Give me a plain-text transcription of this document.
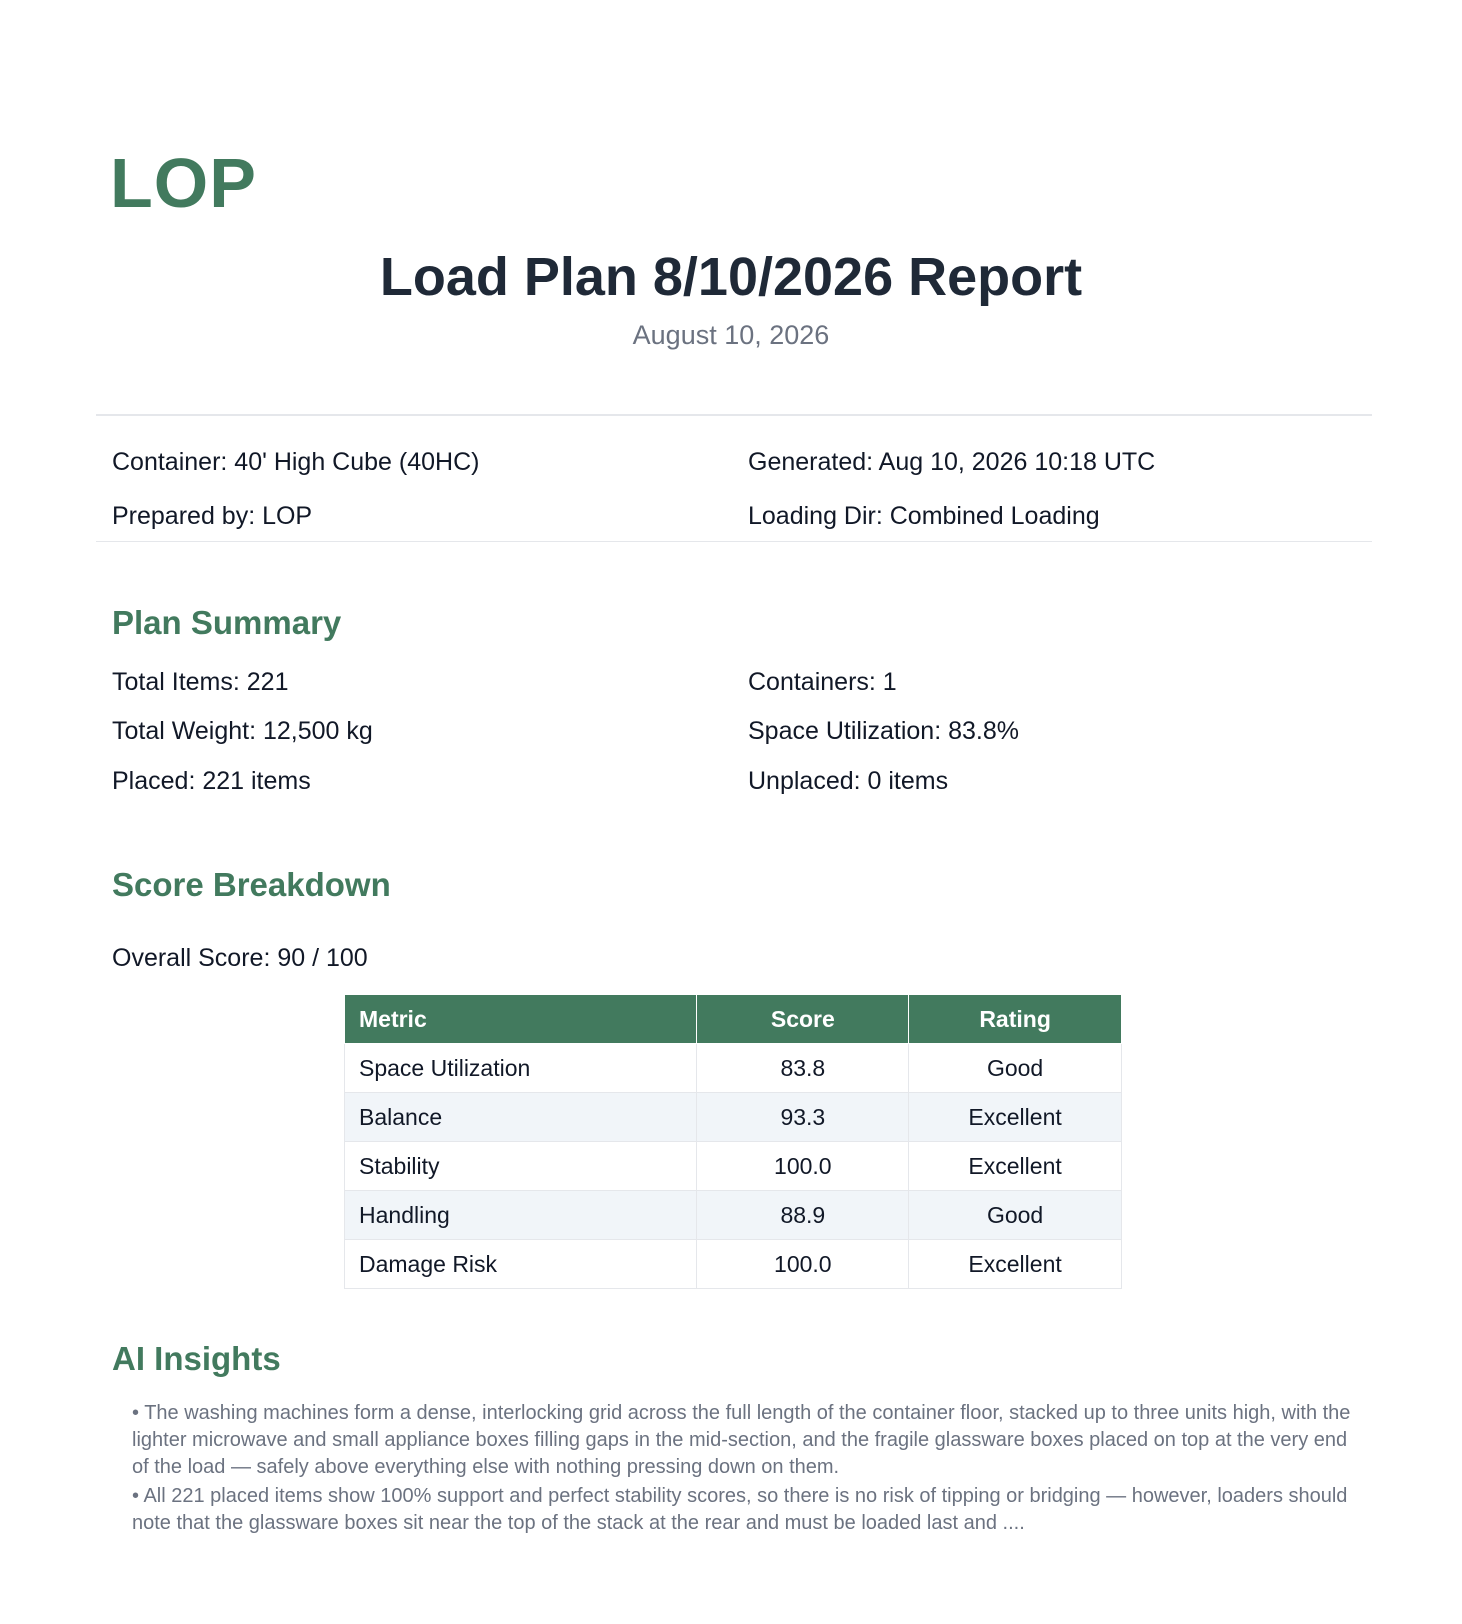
LOP
Load Plan 8/10/2026 Report
August 10, 2026
Container: 40' High Cube (40HC)	Generated: Aug 10, 2026 10:18 UTC
Prepared by: LOP	Loading Dir: Combined Loading
Plan Summary
Total Items: 221	Containers: 1
Total Weight: 12,500 kg	Space Utilization: 83.8%
Placed: 221 items	Unplaced: 0 items
Score Breakdown
Overall Score: 90 / 100
Metric	Score	Rating
Space Utilization	83.8	Good
Balance	93.3	Excellent
Stability	100.0	Excellent
Handling	88.9	Good
Damage Risk	100.0	Excellent
AI Insights

• The washing machines form a dense, interlocking grid across the full length of the container floor, stacked up to three units high, with the lighter microwave and small appliance boxes filling gaps in the mid-section, and the fragile glassware boxes placed on top at the very end of the load — safely above everything else with nothing pressing down on them.

• All 221 placed items show 100% support and perfect stability scores, so there is no risk of tipping or bridging — however, loaders should note that the glassware boxes sit near the top of the stack at the rear and must be loaded last and ....
